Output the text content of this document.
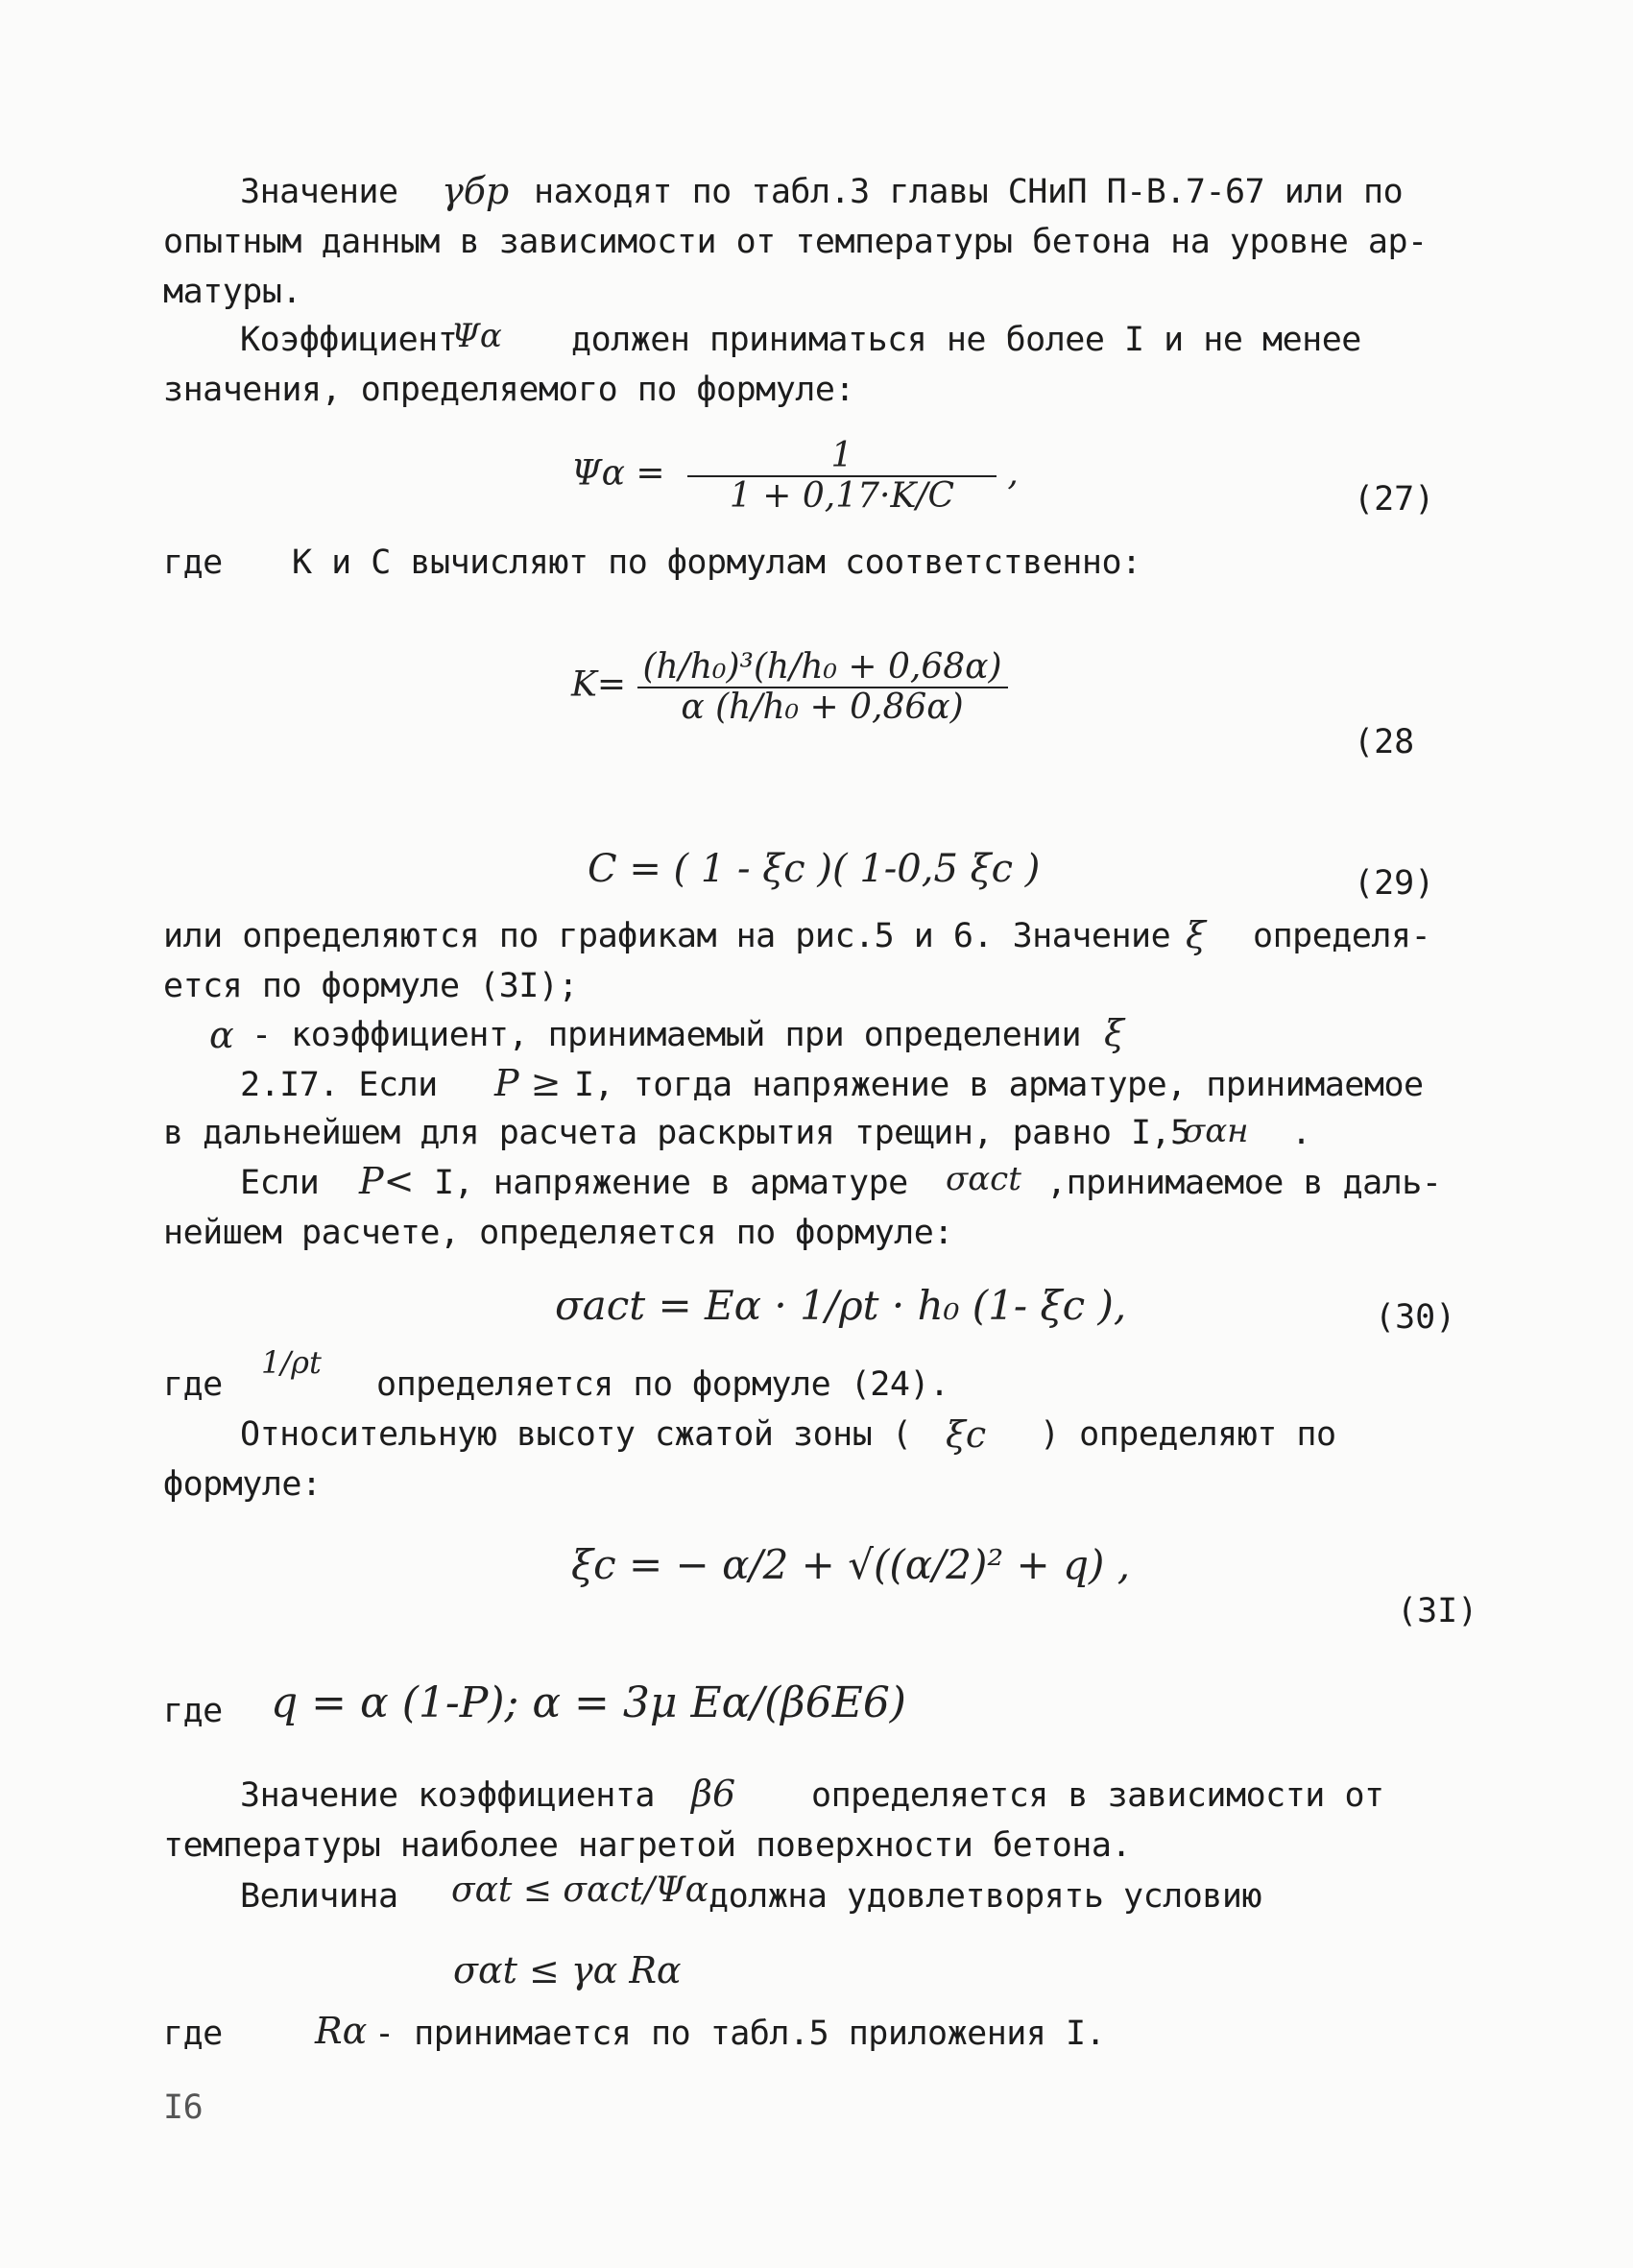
Значение γбр находят по табл.3 главы СНиП П-В.7-67 или по
опытным данным в зависимости от температуры бетона на уровне ар-
матуры.
Коэффициент
Ψα должен приниматься не более I и не менее
значения, определяемого по формуле:
$\Psi\alpha = \frac{1}{1 + 0,17\cdot K/C}$ ,
(27)
где К и С вычисляют по формулам соответственно:
$K= \frac{\text{(h/h₀)³(h/h₀ + 0,68α)}}{\text{α (h/h₀ + 0,86α)}}$
(28
C = ( 1 - ξc )( 1-0,5 ξc )	(29)
или определяются по графикам на рис.5 и 6. Значение ξ определя-
ется по формуле (3I);
α - коэффициент, принимаемый при определении ξ
2.I7. Если P ≥ I, тогда напряжение в арматуре, принимаемое
в дальнейшем для расчета раскрытия трещин, равно I,5
σαн .
Если P< I, напряжение в арматуре σαct ,принимаемое в даль-
нейшем расчете, определяется по формуле:
σact = Eα · 1/ρt · h₀ (1- ξc ),	(30)
где
1/ρt
определяется по формуле (24).
Относительную высоту сжатой зоны ( ξc ) определяют по
формуле:
ξc = − α/2 + √((α/2)² + q) ,
(3I)
где q = α (1-P); α = 3μ Eα/(β6E6)
Значение коэффициента β6 определяется в зависимости от
температуры наиболее нагретой поверхности бетона.
Величина σαt ≤ σαct/Ψα должна удовлетворять условию
σαt ≤ γα Rα
где	Rα - принимается по табл.5 приложения I.
I6
